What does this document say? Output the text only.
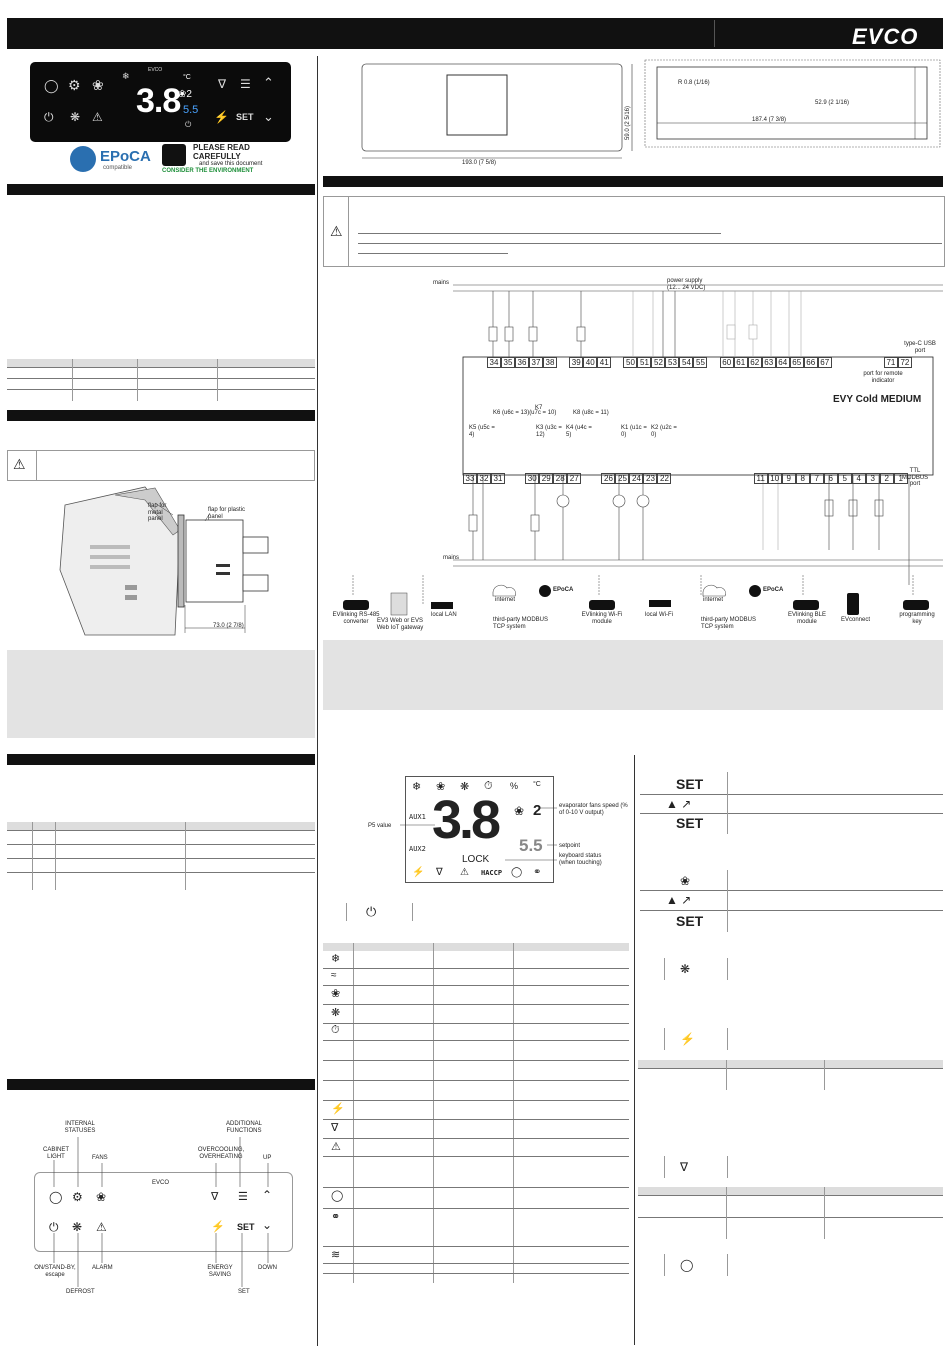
EVCO
◯ ⚙ ❀
❄
EVCO
°C
3.8
❀2
5.5
⏻
∇ ☰ ⌃
⏻ ❋ ⚠	⚡ SET ⌄
EPoCA
compatible
PLEASE READ
CAREFULLY
and save this document
CONSIDER THE ENVIRONMENT
⚠
flap for metal panel
flap for plastic panel
73.0 (2 7/8)
EVCO
◯ ⚙ ❀	∇ ☰ ⌃
⏻ ❋ ⚠	⚡ SET ⌄
INTERNAL STATUSES
ADDITIONAL FUNCTIONS
CABINET LIGHT	FANS
OVERCOOLING, OVERHEATING	UP
ON/STAND-BY, escape
DEFROST
ALARM	ENERGY SAVING
SET
DOWN
R 0.8 (1/16)
59.0 (2 5/16)
52.9 (2 1/16)
187.4 (7 3/8)
193.0 (7 5/8)
⚠
mains
mains
power supply (12... 24 VDC)
34 35 36 37 38 39 40 41 50 51 52 53 54 55 60 61 62 63 64 65 66 67	71 72
type-C USB port
port for remote indicator
EVY Cold MEDIUM
K6 (u6c = 13)(u7c = 10)
K7
K8 (u8c = 11)
K5 (u5c = 4)
K3 (u3c = 12)
K4 (u4c = 5)
K1 (u1c = 0)
K2 (u2c = 0)
33 32 31	30 29 28 27	26 25 24 23 22	11 10 9 8 7 6 5 4 3 2 1
TTL MODBUS port
EVlinking RS-485 converter	EV3 Web or EVS Web IoT gateway
local LAN
internet
EPoCA
third-party MODBUS TCP system
EVlinking Wi-Fi module
local Wi-Fi
internet
EPoCA
third-party MODBUS TCP system
EVlinking BLE module	EVconnect
programming key
❄ ❀ ❋ ⏱ % °C
AUX1
AUX2 3.8 ❀ 2
5.5
LOCK
⚡ ∇ ⚠ HACCP ◯ ⚭
evaporator fans speed (% of 0-10 V output)
P5 value
setpoint
keyboard status (when touching)
⏻
❄
≈
❀
❋
⏱
⚡
∇
⚠
◯
⚭
≋
SET
▲ ↗
SET
❀
▲ ↗
SET
❋
⚡
∇
◯
